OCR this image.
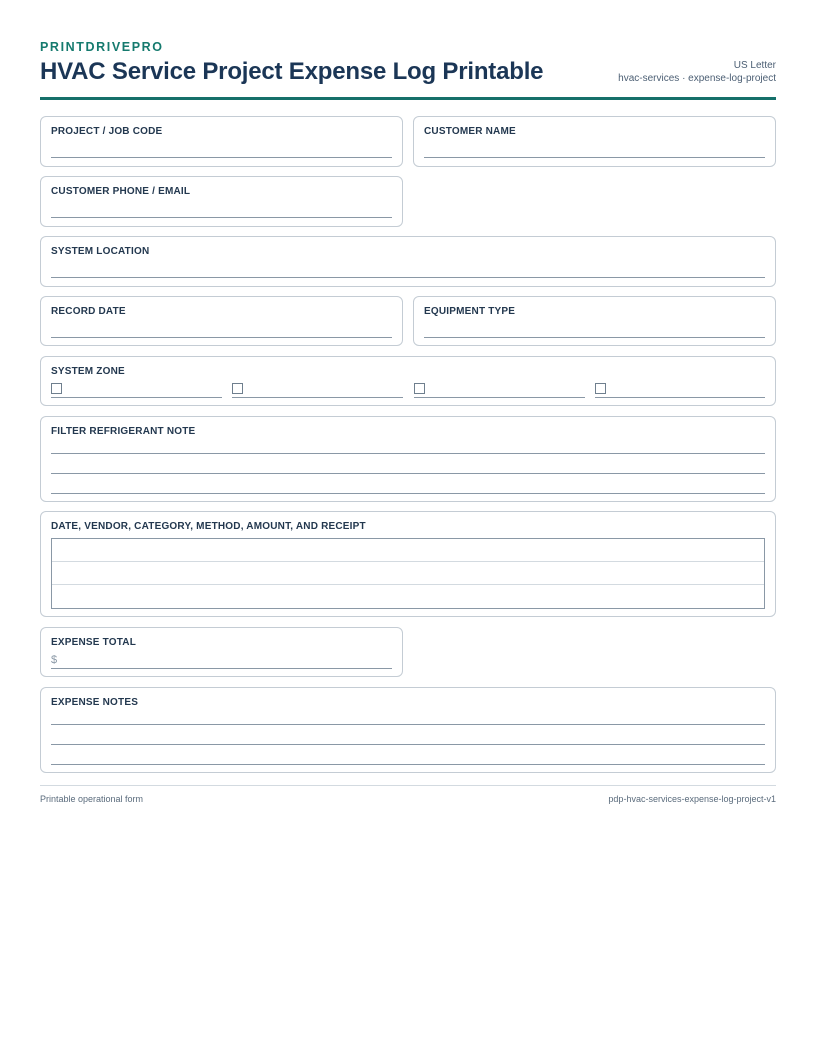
PRINTDRIVEPRO
HVAC Service Project Expense Log Printable	US Letter
hvac-services · expense-log-project
PROJECT / JOB CODE	CUSTOMER NAME
CUSTOMER PHONE / EMAIL
SYSTEM LOCATION
RECORD DATE	EQUIPMENT TYPE
SYSTEM ZONE
FILTER REFRIGERANT NOTE
DATE, VENDOR, CATEGORY, METHOD, AMOUNT, AND RECEIPT
EXPENSE TOTAL
$
EXPENSE NOTES
Printable operational form	pdp-hvac-services-expense-log-project-v1
